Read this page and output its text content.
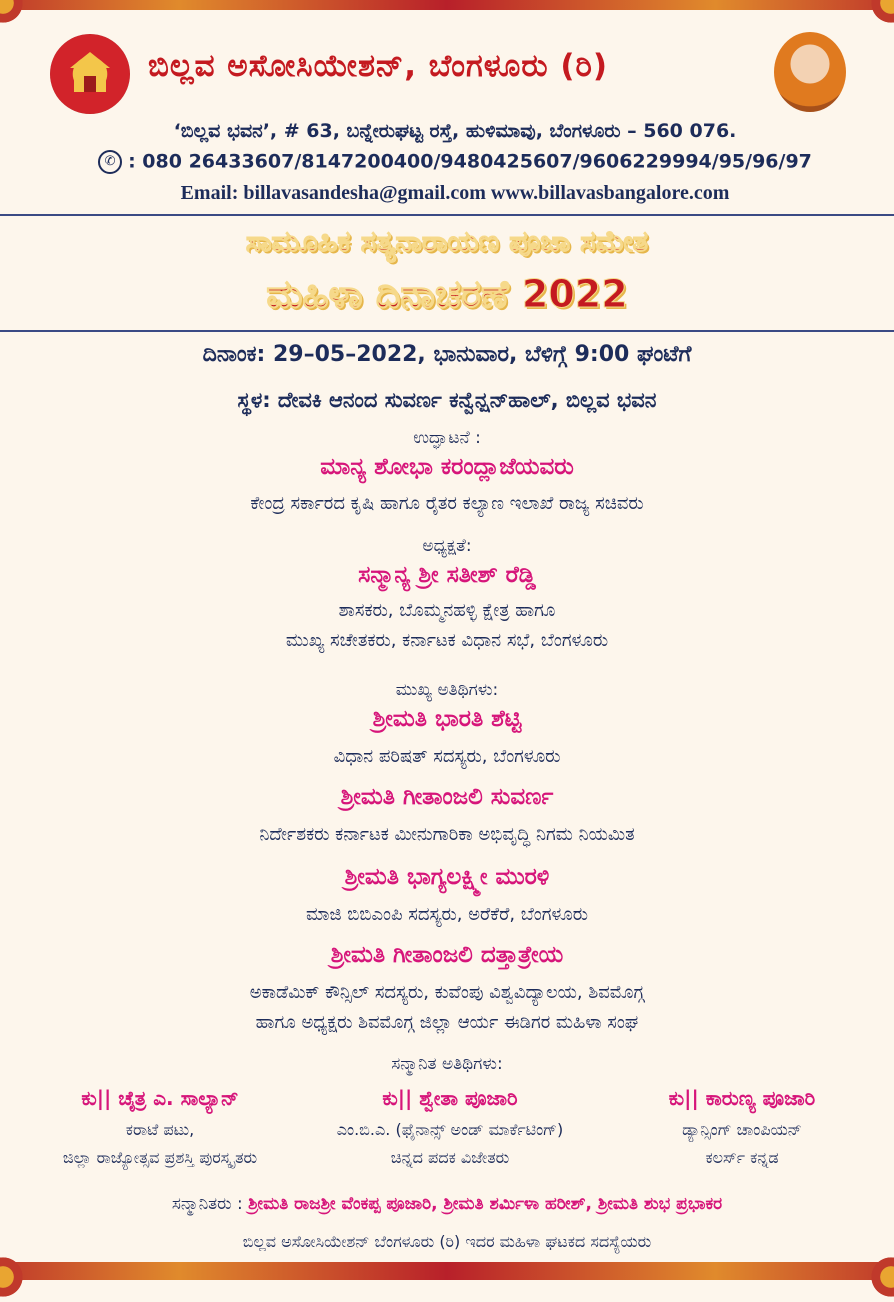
ಬಿಲ್ಲವ ಅಸೋಸಿಯೇಶನ್, ಬೆಂಗಳೂರು (ರಿ)
‘ಬಿಲ್ಲವ ಭವನ’, # 63, ಬನ್ನೇರುಘಟ್ಟ ರಸ್ತೆ, ಹುಳಿಮಾವು, ಬೆಂಗಳೂರು – 560 076.
✆ : 080 26433607/8147200400/9480425607/9606229994/95/96/97
Email: billavasandesha@gmail.com www.billavasbangalore.com
ಸಾಮೂಹಿಕ ಸತ್ಯನಾರಾಯಣ ಪೂಜಾ ಸಮೇತ
ಮಹಿಳಾ ದಿನಾಚರಣೆ 2022
ದಿನಾಂಕ: 29–05–2022, ಭಾನುವಾರ, ಬೆಳಿಗ್ಗೆ 9:00 ಘಂಟೆಗೆ
ಸ್ಥಳ: ದೇವಕಿ ಆನಂದ ಸುವರ್ಣ ಕನ್ವೆನ್ಷನ್‌ಹಾಲ್, ಬಿಲ್ಲವ ಭವನ
ಉದ್ಘಾಟನೆ :
ಮಾನ್ಯ ಶೋಭಾ ಕರಂದ್ಲಾಜೆಯವರು
ಕೇಂದ್ರ ಸರ್ಕಾರದ ಕೃಷಿ ಹಾಗೂ ರೈತರ ಕಲ್ಯಾಣ ಇಲಾಖೆ ರಾಜ್ಯ ಸಚಿವರು
ಅಧ್ಯಕ್ಷತೆ:
ಸನ್ಮಾನ್ಯ ಶ್ರೀ ಸತೀಶ್ ರೆಡ್ಡಿ
ಶಾಸಕರು, ಬೊಮ್ಮನಹಳ್ಳಿ ಕ್ಷೇತ್ರ ಹಾಗೂ
ಮುಖ್ಯ ಸಚೇತಕರು, ಕರ್ನಾಟಕ ವಿಧಾನ ಸಭೆ, ಬೆಂಗಳೂರು
ಮುಖ್ಯ ಅತಿಥಿಗಳು:
ಶ್ರೀಮತಿ ಭಾರತಿ ಶೆಟ್ಟಿ
ವಿಧಾನ ಪರಿಷತ್ ಸದಸ್ಯರು, ಬೆಂಗಳೂರು
ಶ್ರೀಮತಿ ಗೀತಾಂಜಲಿ ಸುವರ್ಣ
ನಿರ್ದೇಶಕರು ಕರ್ನಾಟಕ ಮೀನುಗಾರಿಕಾ ಅಭಿವೃದ್ಧಿ ನಿಗಮ ನಿಯಮಿತ
ಶ್ರೀಮತಿ ಭಾಗ್ಯಲಕ್ಷ್ಮೀ ಮುರಳಿ
ಮಾಜಿ ಬಿಬಿಎಂಪಿ ಸದಸ್ಯರು, ಅರೆಕೆರೆ, ಬೆಂಗಳೂರು
ಶ್ರೀಮತಿ ಗೀತಾಂಜಲಿ ದತ್ತಾತ್ರೇಯ
ಅಕಾಡೆಮಿಕ್ ಕೌನ್ಸಿಲ್ ಸದಸ್ಯರು, ಕುವೆಂಪು ವಿಶ್ವವಿದ್ಯಾಲಯ, ಶಿವಮೊಗ್ಗ
ಹಾಗೂ ಅಧ್ಯಕ್ಷರು ಶಿವಮೊಗ್ಗ ಜಿಲ್ಲಾ ಆರ್ಯ ಈಡಿಗರ ಮಹಿಳಾ ಸಂಘ
ಸನ್ಮಾನಿತ ಅತಿಥಿಗಳು:
ಕು|| ಚೈತ್ರ ಎ. ಸಾಲ್ಯಾನ್
ಕರಾಟೆ ಪಟು,
ಜಿಲ್ಲಾ ರಾಜ್ಯೋತ್ಸವ ಪ್ರಶಸ್ತಿ ಪುರಸ್ಕೃತರು
ಕು|| ಶ್ವೇತಾ ಪೂಜಾರಿ
ಎಂ.ಬಿ.ಎ. (ಫೈನಾನ್ಸ್ ಅಂಡ್ ಮಾರ್ಕೆಟಿಂಗ್)
ಚಿನ್ನದ ಪದಕ ವಿಜೇತರು
ಕು|| ಕಾರುಣ್ಯ ಪೂಜಾರಿ
ಡ್ಯಾನ್ಸಿಂಗ್ ಚಾಂಪಿಯನ್
ಕಲರ್ಸ್ ಕನ್ನಡ
ಸನ್ಮಾನಿತರು : ಶ್ರೀಮತಿ ರಾಜಶ್ರೀ ವೆಂಕಪ್ಪ ಪೂಜಾರಿ, ಶ್ರೀಮತಿ ಶರ್ಮಿಳಾ ಹರೀಶ್, ಶ್ರೀಮತಿ ಶುಭ ಪ್ರಭಾಕರ
ಬಿಲ್ಲವ ಅಸೋಸಿಯೇಶನ್ ಬೆಂಗಳೂರು (ರಿ) ಇದರ ಮಹಿಳಾ ಘಟಕದ ಸದಸ್ಯೆಯರು
